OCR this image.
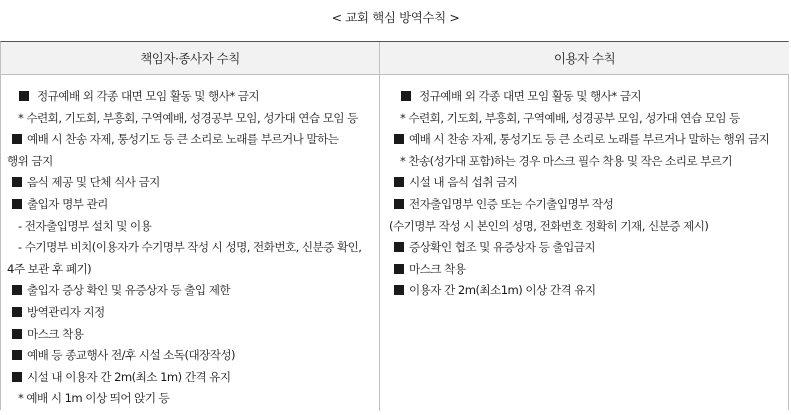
< 교회 핵심 방역수칙 >
책임자·종사자 수칙	이용자 수칙
정규예배 외 각종 대면 모임 활동 및 행사* 금지
* 수련회, 기도회, 부흥회, 구역예배, 성경공부 모임, 성가대 연습 모임 등
예배 시 찬송 자제, 통성기도 등 큰 소리로 노래를 부르거나 말하는
행위 금지
음식 제공 및 단체 식사 금지
출입자 명부 관리
- 전자출입명부 설치 및 이용
- 수기명부 비치(이용자가 수기명부 작성 시 성명, 전화번호, 신분증 확인,
4주 보관 후 폐기)
출입자 증상 확인 및 유증상자 등 출입 제한
방역관리자 지정
마스크 착용
예배 등 종교행사 전/후 시설 소독(대장작성)
시설 내 이용자 간 2m(최소 1m) 간격 유지
* 예배 시 1m 이상 띄어 앉기 등
정규예배 외 각종 대면 모임 활동 및 행사* 금지
* 수련회, 기도회, 부흥회, 구역예배, 성경공부 모임, 성가대 연습 모임 등
예배 시 찬송 자제, 통성기도 등 큰 소리로 노래를 부르거나 말하는 행위 금지
* 찬송(성가대 포함)하는 경우 마스크 필수 착용 및 작은 소리로 부르기
시설 내 음식 섭취 금지
전자출입명부 인증 또는 수기출입명부 작성
(수기명부 작성 시 본인의 성명, 전화번호 정확히 기재, 신분증 제시)
증상확인 협조 및 유증상자 등 출입금지
마스크 착용
이용자 간 2m(최소1m) 이상 간격 유지
